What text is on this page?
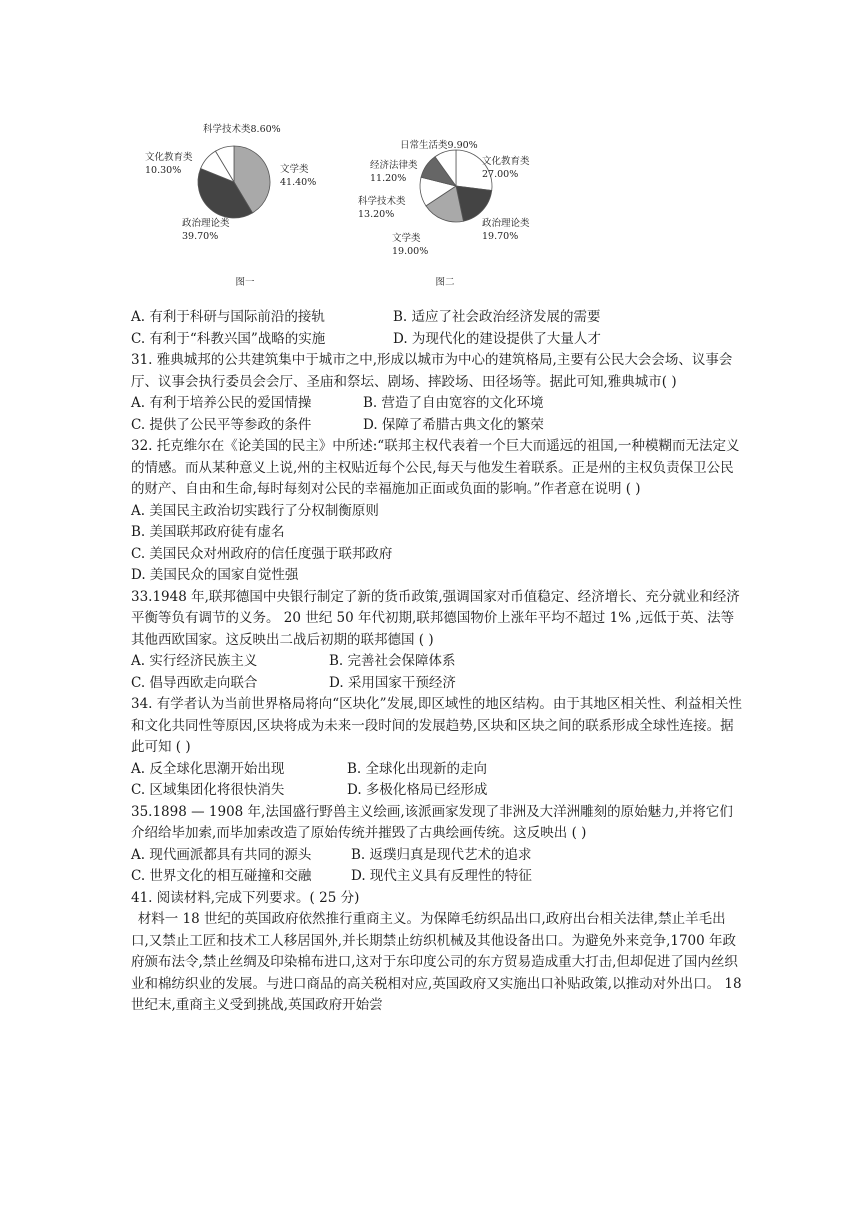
文学类
41.40%
政治理论类
39.70%
文化教育类
10.30%
科学技术类8.60%
图一
文化教育类
27.00%
政治理论类
19.70%
文学类
19.00%
科学技术类
13.20%
经济法律类
11.20%
日常生活类9.90%
图二
A. 有利于科研与国际前沿的接轨	B. 适应了社会政治经济发展的需要
C. 有利于“科教兴国”战略的实施	D. 为现代化的建设提供了大量人才

31. 雅典城邦的公共建筑集中于城市之中,形成以城市为中心的建筑格局,主要有公民大会会场、议事会厅、议事会执行委员会会厅、圣庙和祭坛、剧场、摔跤场、田径场等。据此可知,雅典城市( )

A. 有利于培养公民的爱国情操	B. 营造了自由宽容的文化环境
C. 提供了公民平等参政的条件	D. 保障了希腊古典文化的繁荣

32. 托克维尔在《论美国的民主》中所述:“联邦主权代表着一个巨大而遥远的祖国,一种模糊而无法定义的情感。而从某种意义上说,州的主权贴近每个公民,每天与他发生着联系。正是州的主权负责保卫公民的财产、自由和生命,每时每刻对公民的幸福施加正面或负面的影响。”作者意在说明 ( )

A. 美国民主政治切实践行了分权制衡原则

B. 美国联邦政府徒有虚名

C. 美国民众对州政府的信任度强于联邦政府

D. 美国民众的国家自觉性强

33.1948 年,联邦德国中央银行制定了新的货币政策,强调国家对币值稳定、经济增长、充分就业和经济平衡等负有调节的义务。 20 世纪 50 年代初期,联邦德国物价上涨年平均不超过 1% ,远低于英、法等其他西欧国家。这反映出二战后初期的联邦德国 ( )

A. 实行经济民族主义	B. 完善社会保障体系
C. 倡导西欧走向联合	D. 采用国家干预经济

34. 有学者认为当前世界格局将向“区块化”发展,即区域性的地区结构。由于其地区相关性、利益相关性和文化共同性等原因,区块将成为未来一段时间的发展趋势,区块和区块之间的联系形成全球性连接。据此可知 ( )

A. 反全球化思潮开始出现	B. 全球化出现新的走向
C. 区域集团化将很快消失	D. 多极化格局已经形成

35.1898 — 1908 年,法国盛行野兽主义绘画,该派画家发现了非洲及大洋洲雕刻的原始魅力,并将它们介绍给毕加索,而毕加索改造了原始传统并摧毁了古典绘画传统。这反映出 ( )

A. 现代画派都具有共同的源头	B. 返璞归真是现代艺术的追求
C. 世界文化的相互碰撞和交融	D. 现代主义具有反理性的特征

41. 阅读材料,完成下列要求。( 25 分)

材料一 18 世纪的英国政府依然推行重商主义。为保障毛纺织品出口,政府出台相关法律,禁止羊毛出口,又禁止工匠和技术工人移居国外,并长期禁止纺织机械及其他设备出口。为避免外来竞争,1700 年政府颁布法令,禁止丝绸及印染棉布进口,这对于东印度公司的东方贸易造成重大打击,但却促进了国内丝织业和棉纺织业的发展。与进口商品的高关税相对应,英国政府又实施出口补贴政策,以推动对外出口。 18 世纪末,重商主义受到挑战,英国政府开始尝
